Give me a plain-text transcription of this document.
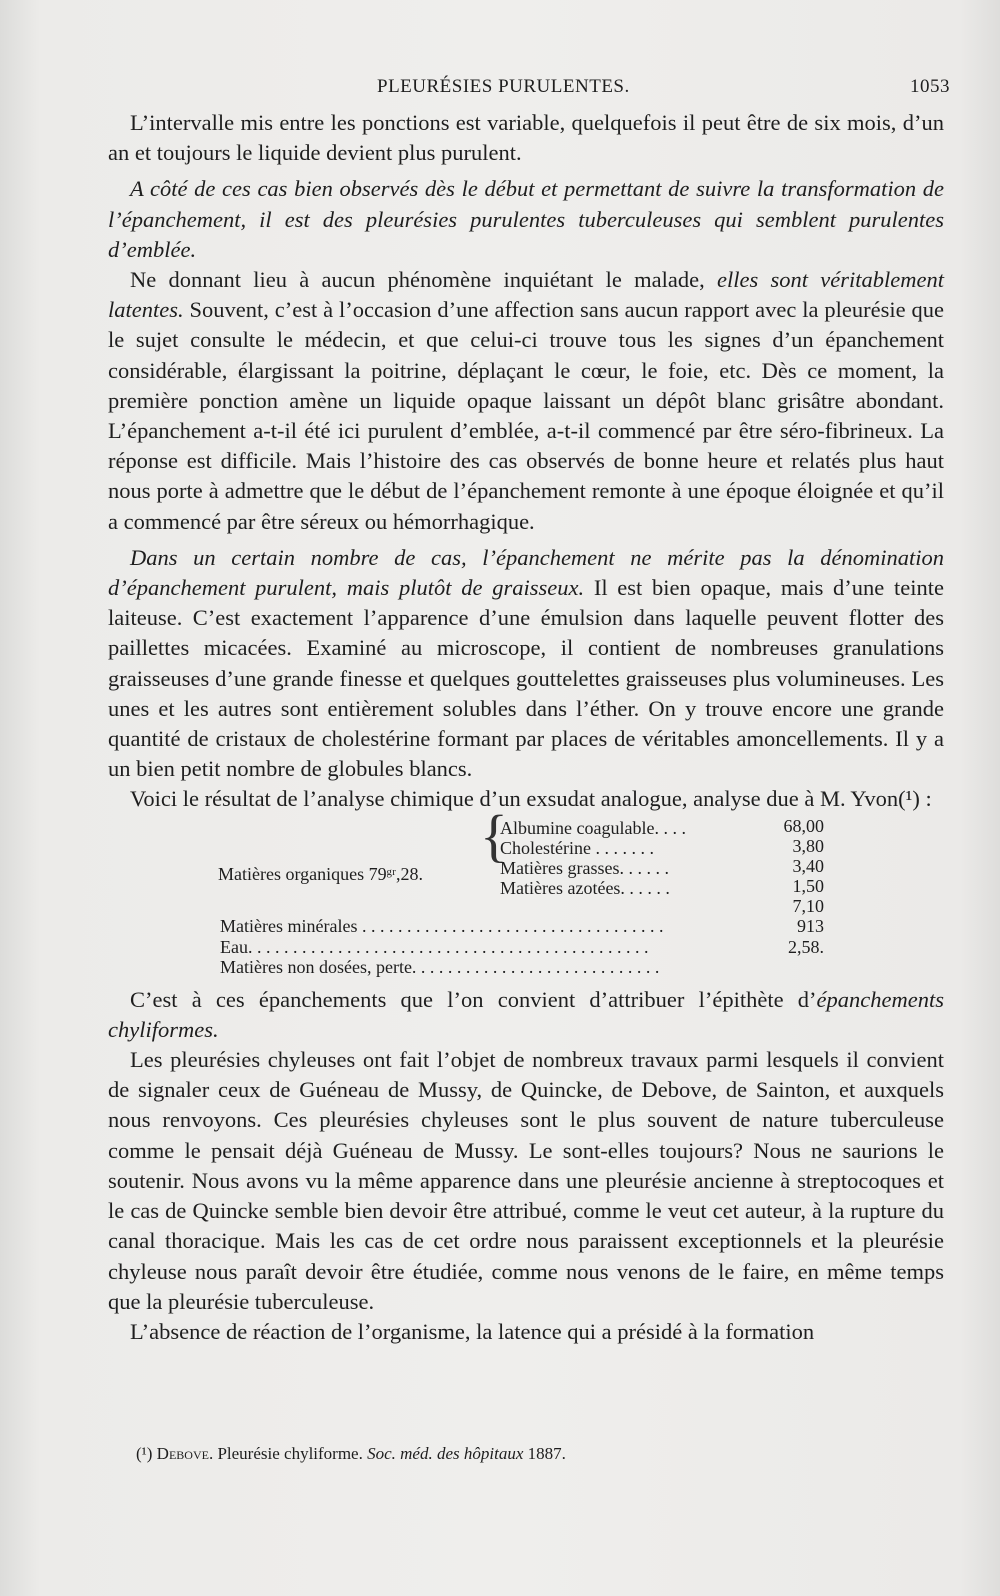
PLEURÉSIES PURULENTES.	1053

L’intervalle mis entre les ponctions est variable, quelquefois il peut être de six mois, d’un an et toujours le liquide devient plus purulent.

A côté de ces cas bien observés dès le début et permettant de suivre la transformation de l’épanchement, il est des pleurésies purulentes tuberculeuses qui semblent purulentes d’emblée.

Ne donnant lieu à aucun phénomène inquiétant le malade, elles sont véritablement latentes. Souvent, c’est à l’occasion d’une affection sans aucun rapport avec la pleurésie que le sujet consulte le médecin, et que celui-ci trouve tous les signes d’un épanchement considérable, élargissant la poitrine, déplaçant le cœur, le foie, etc. Dès ce moment, la première ponction amène un liquide opaque laissant un dépôt blanc grisâtre abondant. L’épanchement a-t-il été ici purulent d’emblée, a-t-il commencé par être séro-fibrineux. La réponse est difficile. Mais l’histoire des cas observés de bonne heure et relatés plus haut nous porte à admettre que le début de l’épanchement remonte à une époque éloignée et qu’il a commencé par être séreux ou hémorrhagique.

Dans un certain nombre de cas, l’épanchement ne mérite pas la dénomination d’épanchement purulent, mais plutôt de graisseux. Il est bien opaque, mais d’une teinte laiteuse. C’est exactement l’apparence d’une émulsion dans laquelle peuvent flotter des paillettes micacées. Examiné au microscope, il contient de nombreuses granulations graisseuses d’une grande finesse et quelques gouttelettes graisseuses plus volumineuses. Les unes et les autres sont entièrement solubles dans l’éther. On y trouve encore une grande quantité de cristaux de cholestérine formant par places de véritables amoncellements. Il y a un bien petit nombre de globules blancs.

Voici le résultat de l’analyse chimique d’un exsudat analogue, analyse due à M. Yvon(¹) :

Matières organiques 79ᵍʳ,28.
{
Albumine coagulable. . . .	68,00
Cholestérine . . . . . . .	3,80
Matières grasses. . . . . .	3,40
Matières azotées. . . . . .	1,50
7,10
Matières minérales . . . . . . . . . . . . . . . . . . . . . . . . . . . . . . . . . .	913
Eau. . . . . . . . . . . . . . . . . . . . . . . . . . . . . . . . . . . . . . . . . . . . .	2,58.
Matières non dosées, perte. . . . . . . . . . . . . . . . . . . . . . . . . . . .

C’est à ces épanchements que l’on convient d’attribuer l’épithète d’épanchements chyliformes.

Les pleurésies chyleuses ont fait l’objet de nombreux travaux parmi lesquels il convient de signaler ceux de Guéneau de Mussy, de Quincke, de Debove, de Sainton, et auxquels nous renvoyons. Ces pleurésies chyleuses sont le plus souvent de nature tuberculeuse comme le pensait déjà Guéneau de Mussy. Le sont-elles toujours? Nous ne saurions le soutenir. Nous avons vu la même apparence dans une pleurésie ancienne à streptocoques et le cas de Quincke semble bien devoir être attribué, comme le veut cet auteur, à la rupture du canal thoracique. Mais les cas de cet ordre nous paraissent exceptionnels et la pleurésie chyleuse nous paraît devoir être étudiée, comme nous venons de le faire, en même temps que la pleurésie tuberculeuse.

L’absence de réaction de l’organisme, la latence qui a présidé à la formation

(¹) Debove. Pleurésie chyliforme. Soc. méd. des hôpitaux 1887.
